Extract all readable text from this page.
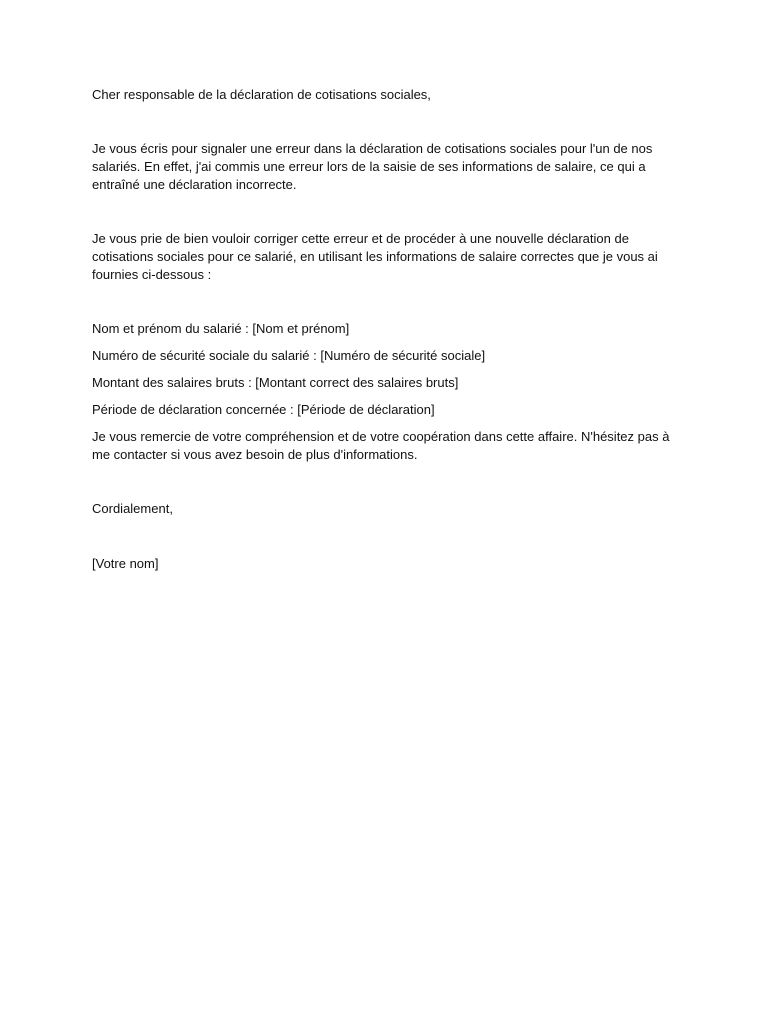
Cher responsable de la déclaration de cotisations sociales,

Je vous écris pour signaler une erreur dans la déclaration de cotisations sociales pour l'un de nos salariés. En effet, j'ai commis une erreur lors de la saisie de ses informations de salaire, ce qui a entraîné une déclaration incorrecte.

Je vous prie de bien vouloir corriger cette erreur et de procéder à une nouvelle déclaration de cotisations sociales pour ce salarié, en utilisant les informations de salaire correctes que je vous ai fournies ci-dessous :

Nom et prénom du salarié : [Nom et prénom]

Numéro de sécurité sociale du salarié : [Numéro de sécurité sociale]

Montant des salaires bruts : [Montant correct des salaires bruts]

Période de déclaration concernée : [Période de déclaration]

Je vous remercie de votre compréhension et de votre coopération dans cette affaire. N'hésitez pas à me contacter si vous avez besoin de plus d'informations.

Cordialement,

[Votre nom]
